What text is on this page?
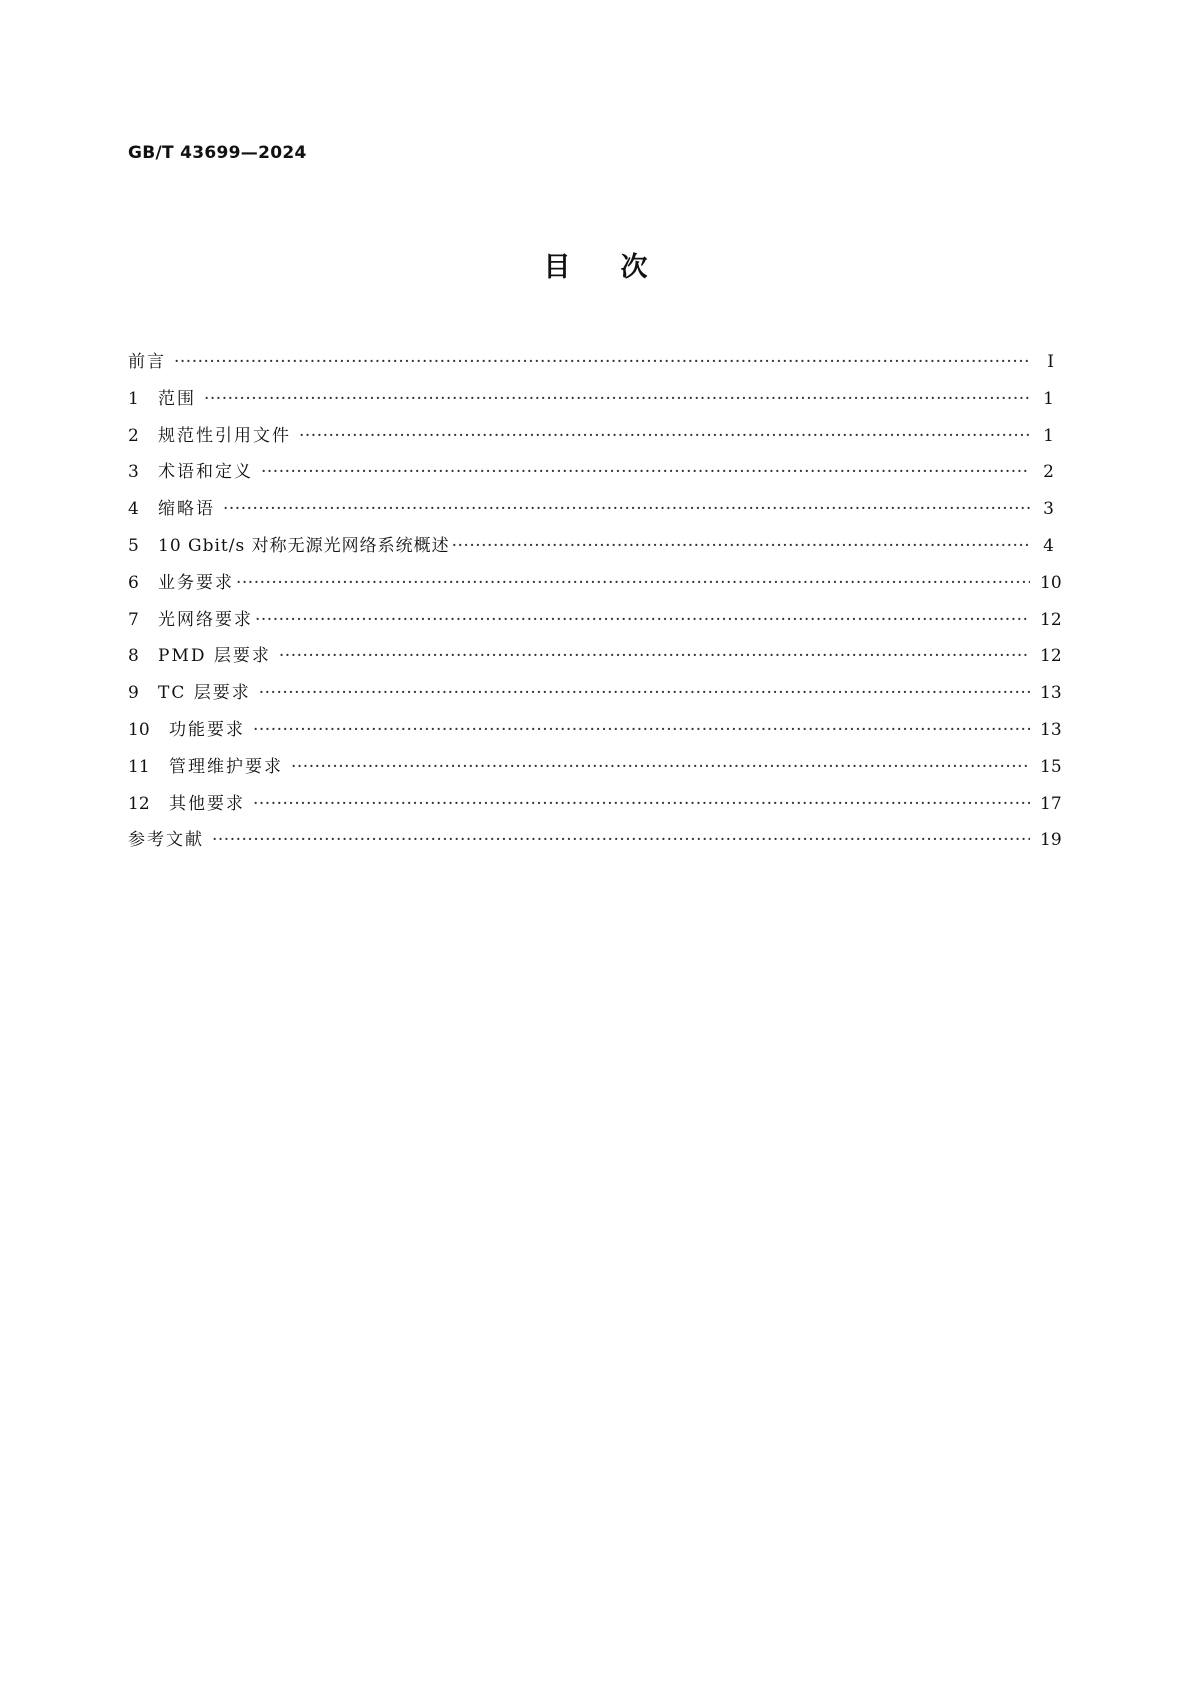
GB/T 43699—2024
目次
前言 ·····	Ⅰ
1	范围 ·····	1
2	规范性引用文件 ·····	1
3	术语和定义 ·····	2
4	缩略语 ·····	3
5	10 Gbit/s 对称无源光网络系统概述 ·····	4
6	业务要求 ·····	10
7	光网络要求 ·····	12
8	PMD 层要求 ·····	12
9	TC 层要求 ·····	13
10	功能要求 ·····	13
11	管理维护要求 ·····	15
12	其他要求 ·····	17
参考文献 ·····	19
